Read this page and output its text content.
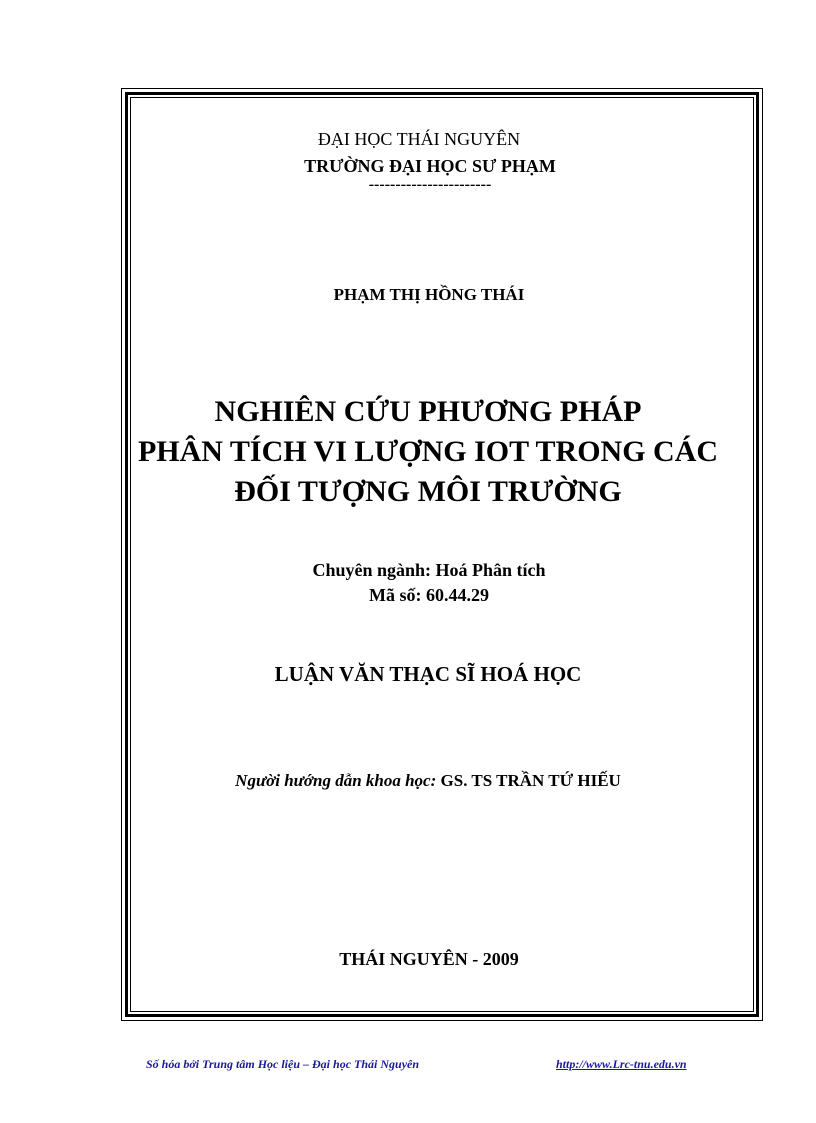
ĐẠI HỌC THÁI NGUYÊN
TRƯỜNG ĐẠI HỌC SƯ PHẠM
-----------------------
PHẠM THỊ HỒNG THÁI
NGHIÊN CỨU PHƯƠNG PHÁP
PHÂN TÍCH VI LƯỢNG IOT TRONG CÁC
ĐỐI TƯỢNG MÔI TRƯỜNG
Chuyên ngành: Hoá Phân tích
Mã số: 60.44.29
LUẬN VĂN THẠC SĨ HOÁ HỌC
Người hướng dẫn khoa học: GS. TS TRẦN TỨ HIẾU
THÁI NGUYÊN - 2009
Số hóa bởi Trung tâm Học liệu – Đại học Thái Nguyên	http://www.Lrc-tnu.edu.vn
